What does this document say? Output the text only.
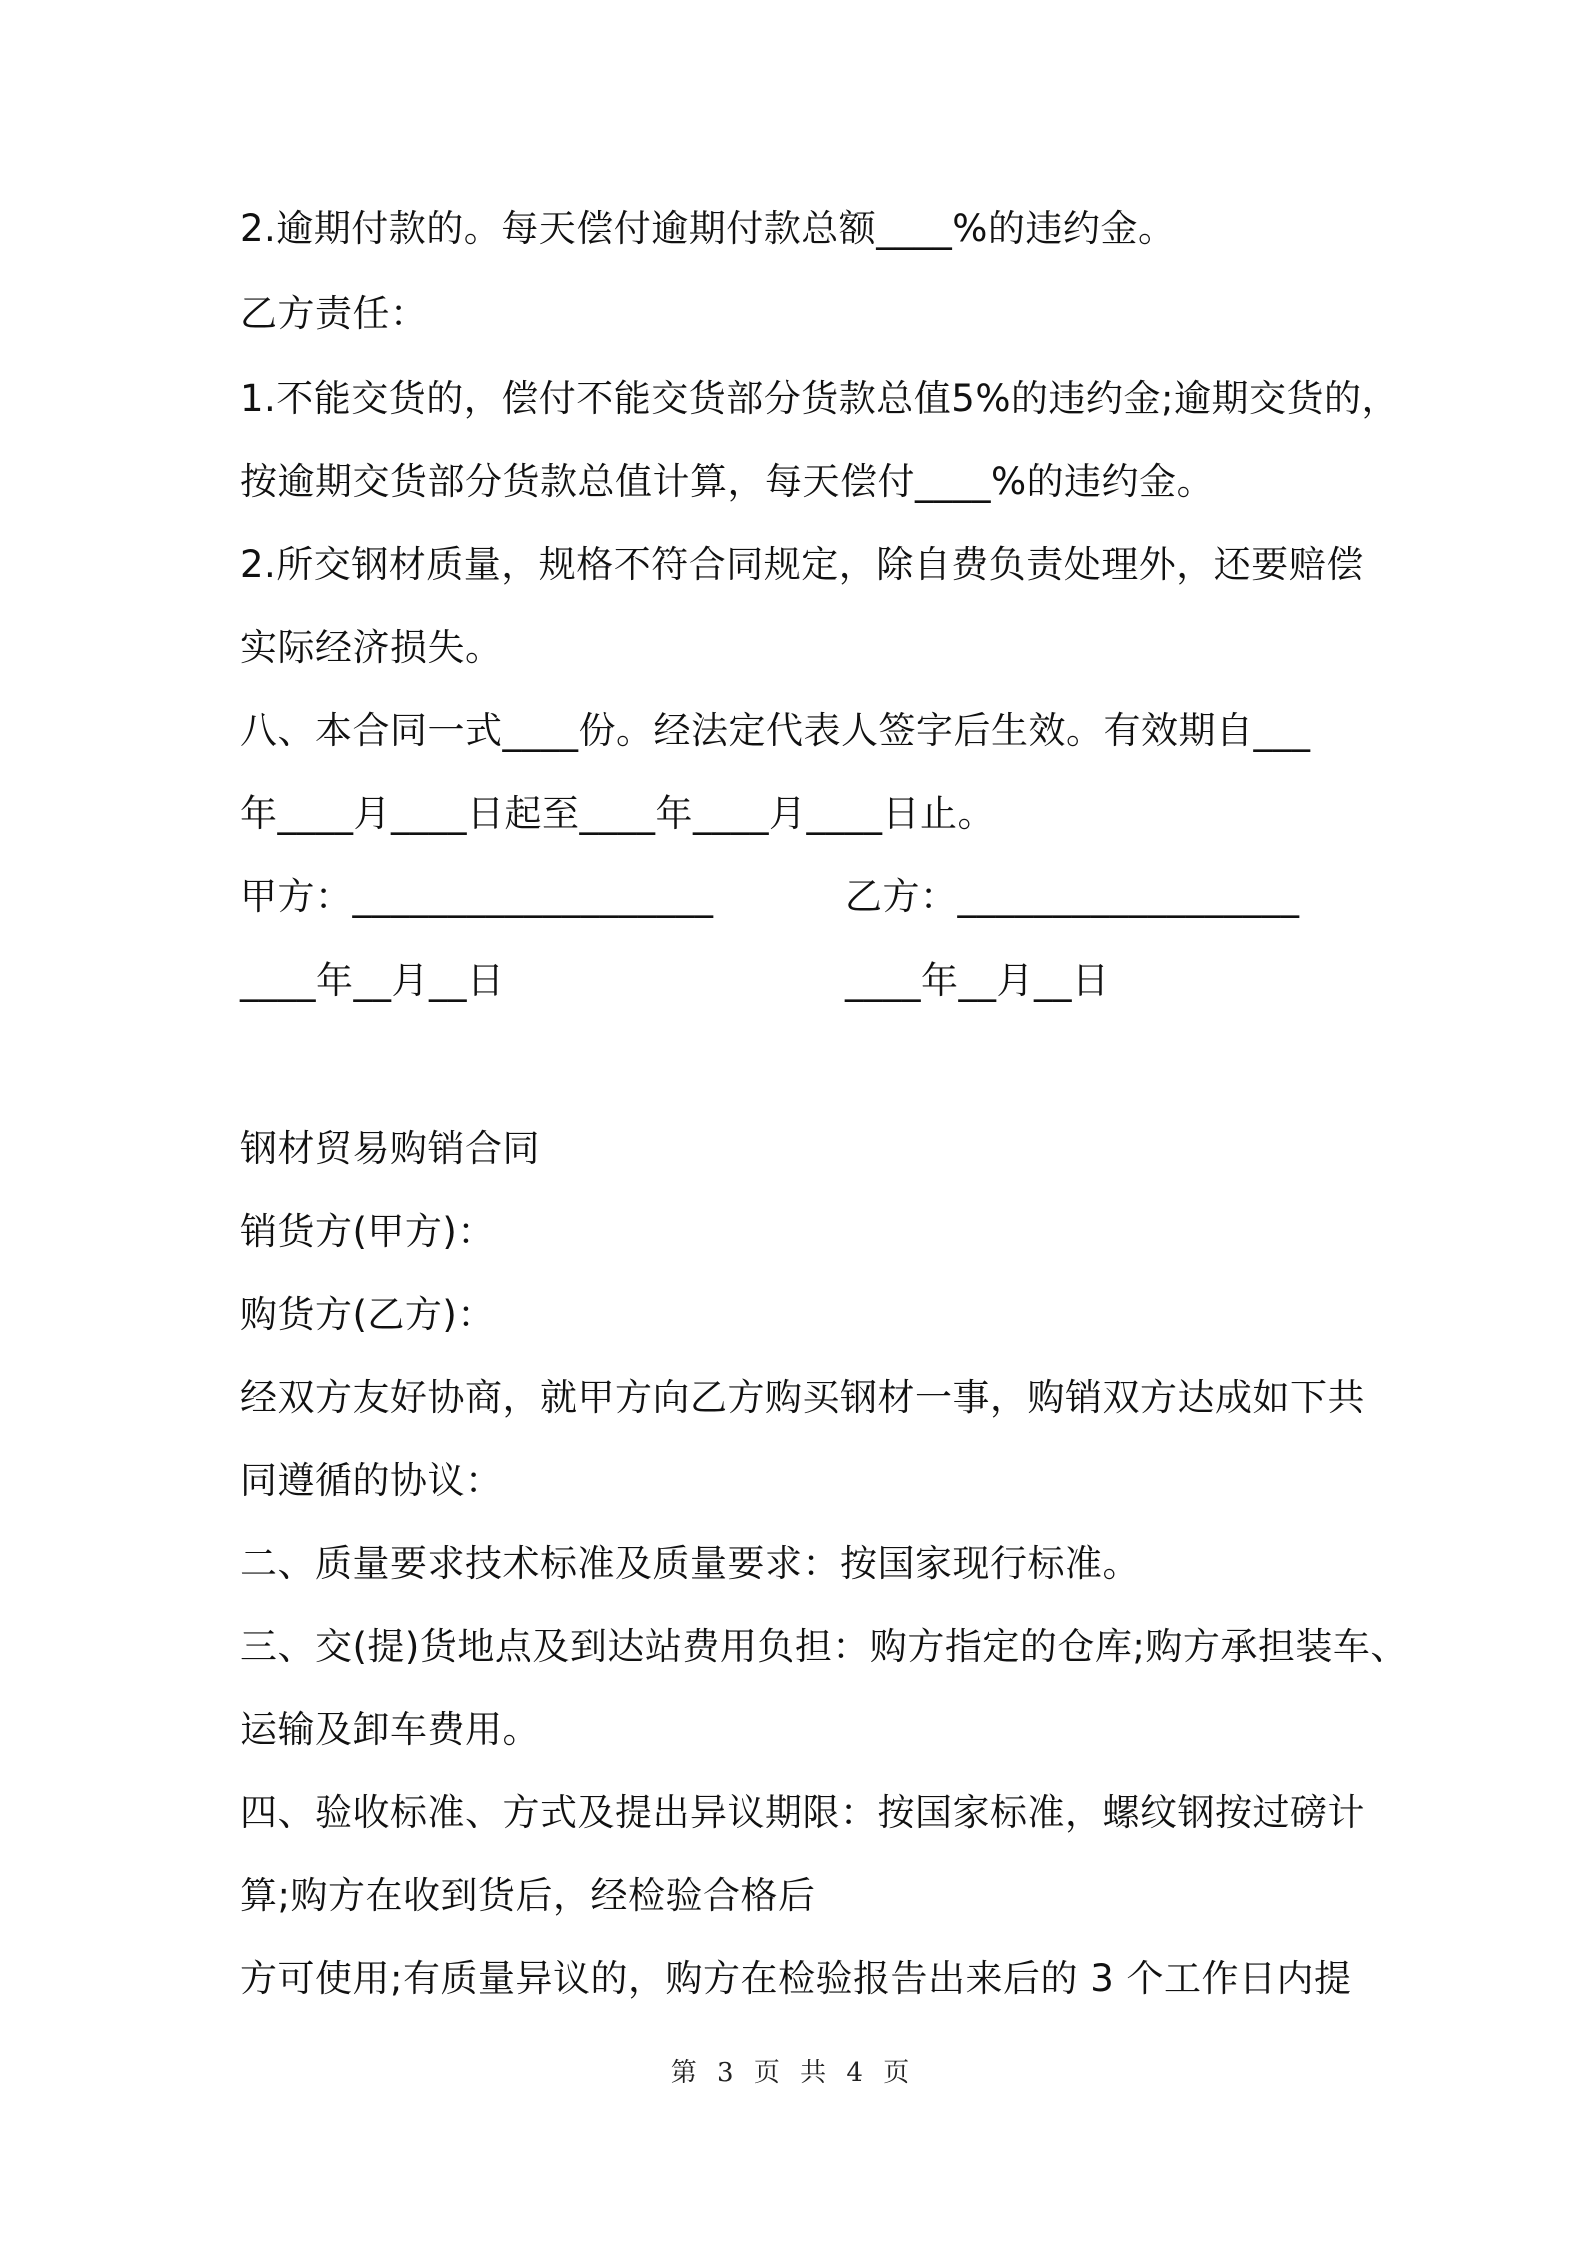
2.逾期付款的。每天偿付逾期付款总额____%的违约金。
乙方责任：
1.不能交货的，偿付不能交货部分货款总值5%的违约金;逾期交货的，
按逾期交货部分货款总值计算，每天偿付____%的违约金。
2.所交钢材质量，规格不符合同规定，除自费负责处理外，还要赔偿
实际经济损失。
八、本合同一式____份。经法定代表人签字后生效。有效期自___
年____月____日起至____年____月____日止。
甲方：___________________	乙方：__________________
____年__月__日	____年__月__日
钢材贸易购销合同
销货方(甲方)：
购货方(乙方)：
经双方友好协商，就甲方向乙方购买钢材一事，购销双方达成如下共
同遵循的协议：
二、质量要求技术标准及质量要求：按国家现行标准。
三、交(提)货地点及到达站费用负担：购方指定的仓库;购方承担装车、
运输及卸车费用。
四、验收标准、方式及提出异议期限：按国家标准，螺纹钢按过磅计
算;购方在收到货后，经检验合格后
方可使用;有质量异议的，购方在检验报告出来后的 3 个工作日内提
第 3 页 共 4 页
